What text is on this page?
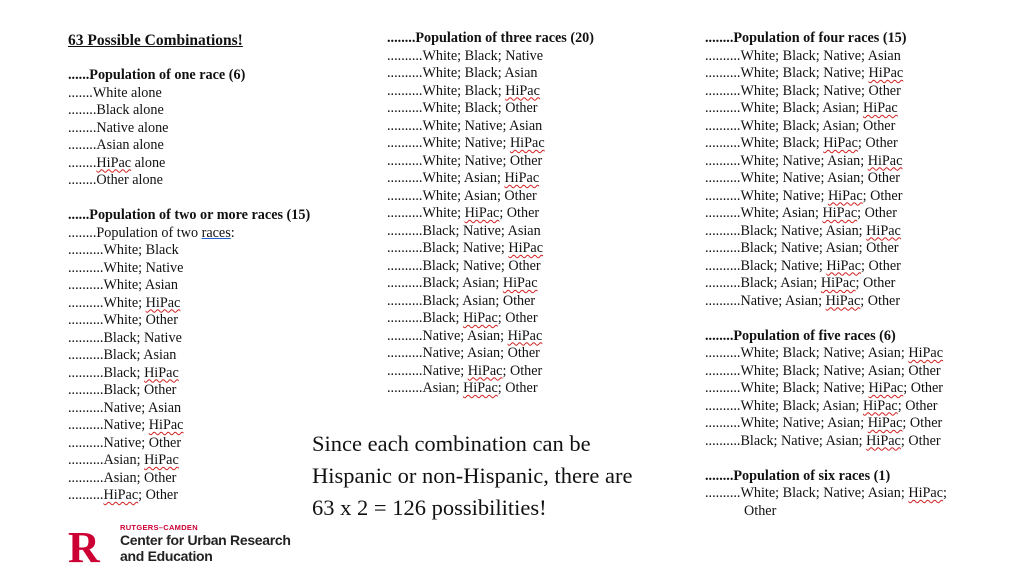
63 Possible Combinations!
......Population of one race (6)
.......White alone
........Black alone
........Native alone
........Asian alone
........HiPac alone
........Other alone
......Population of two or more races (15)
........Population of two races:
..........White; Black
..........White; Native
..........White; Asian
..........White; HiPac
..........White; Other
..........Black; Native
..........Black; Asian
..........Black; HiPac
..........Black; Other
..........Native; Asian
..........Native; HiPac
..........Native; Other
..........Asian; HiPac
..........Asian; Other
..........HiPac; Other
........Population of three races (20)
..........White; Black; Native
..........White; Black; Asian
..........White; Black; HiPac
..........White; Black; Other
..........White; Native; Asian
..........White; Native; HiPac
..........White; Native; Other
..........White; Asian; HiPac
..........White; Asian; Other
..........White; HiPac; Other
..........Black; Native; Asian
..........Black; Native; HiPac
..........Black; Native; Other
..........Black; Asian; HiPac
..........Black; Asian; Other
..........Black; HiPac; Other
..........Native; Asian; HiPac
..........Native; Asian; Other
..........Native; HiPac; Other
..........Asian; HiPac; Other
........Population of four races (15)
..........White; Black; Native; Asian
..........White; Black; Native; HiPac
..........White; Black; Native; Other
..........White; Black; Asian; HiPac
..........White; Black; Asian; Other
..........White; Black; HiPac; Other
..........White; Native; Asian; HiPac
..........White; Native; Asian; Other
..........White; Native; HiPac; Other
..........White; Asian; HiPac; Other
..........Black; Native; Asian; HiPac
..........Black; Native; Asian; Other
..........Black; Native; HiPac; Other
..........Black; Asian; HiPac; Other
..........Native; Asian; HiPac; Other
........Population of five races (6)
..........White; Black; Native; Asian; HiPac
..........White; Black; Native; Asian; Other
..........White; Black; Native; HiPac; Other
..........White; Black; Asian; HiPac; Other
..........White; Native; Asian; HiPac; Other
..........Black; Native; Asian; HiPac; Other
........Population of six races (1)
..........White; Black; Native; Asian; HiPac;
Other
Since each combination can be Hispanic or non-Hispanic, there are 63 x 2 = 126 possibilities!
R	RUTGERS–CAMDEN
Center for Urban Research
and Education
